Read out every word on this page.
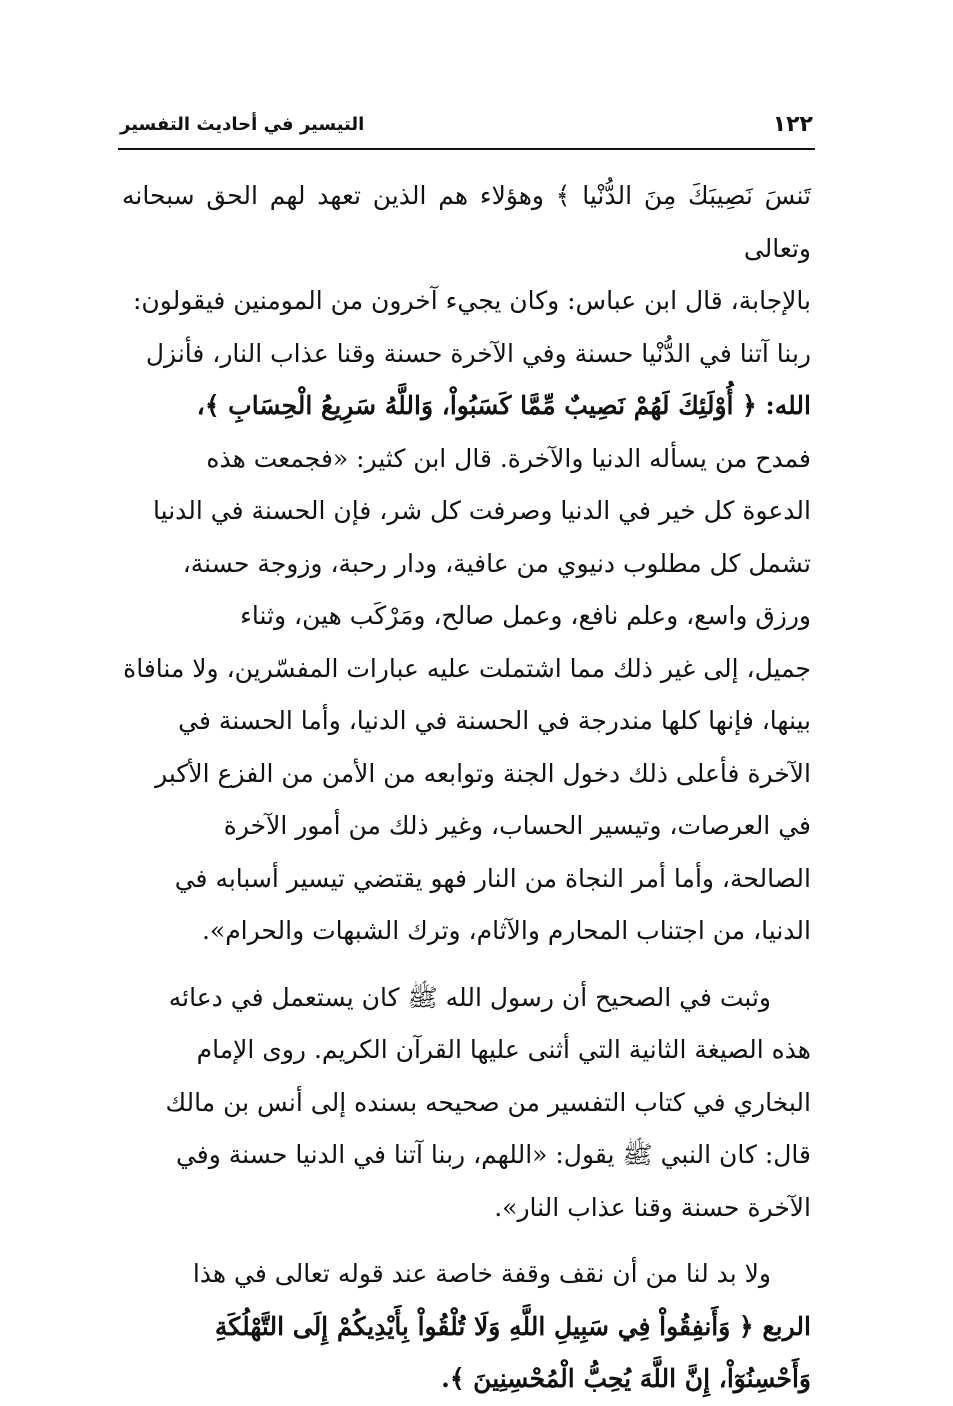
١٢٢
التيسير في أحاديث التفسير

تَنسَ نَصِيبَكَ مِنَ الدُّنْيا ﴾ وهؤلاء هم الذين تعهد لهم الحق سبحانه وتعالى

بالإجابة، قال ابن عباس: وكان يجيء آخرون من المومنين فيقولون:

ربنا آتنا في الدُّنْيا حسنة وفي الآخرة حسنة وقنا عذاب النار، فأنزل

الله: ﴿ أُوْلَئِكَ لَهُمْ نَصِيبٌ مِّمَّا كَسَبُواْ، وَاللَّهُ سَرِيعُ الْحِسَابِ ﴾،

فمدح من يسأله الدنيا والآخرة. قال ابن كثير: «فجمعت هذه

الدعوة كل خير في الدنيا وصرفت كل شر، فإن الحسنة في الدنيا

تشمل كل مطلوب دنيوي من عافية، ودار رحبة، وزوجة حسنة،

ورزق واسع، وعلم نافع، وعمل صالح، ومَرْكَب هين، وثناء

جميل، إلى غير ذلك مما اشتملت عليه عبارات المفسّرين، ولا منافاة

بينها، فإنها كلها مندرجة في الحسنة في الدنيا، وأما الحسنة في

الآخرة فأعلى ذلك دخول الجنة وتوابعه من الأمن من الفزع الأكبر

في العرصات، وتيسير الحساب، وغير ذلك من أمور الآخرة

الصالحة، وأما أمر النجاة من النار فهو يقتضي تيسير أسبابه في

الدنيا، من اجتناب المحارم والآثام، وترك الشبهات والحرام».

وثبت في الصحيح أن رسول الله ﷺ كان يستعمل في دعائه

هذه الصيغة الثانية التي أثنى عليها القرآن الكريم. روى الإمام

البخاري في كتاب التفسير من صحيحه بسنده إلى أنس بن مالك

قال: كان النبي ﷺ يقول: «اللهم، ربنا آتنا في الدنيا حسنة وفي

الآخرة حسنة وقنا عذاب النار».

ولا بد لنا من أن نقف وقفة خاصة عند قوله تعالى في هذا

الربع ﴿ وَأَنفِقُواْ فِي سَبِيلِ اللَّهِ وَلَا تُلْقُواْ بِأَيْدِيكُمْ إِلَى التَّهْلُكَةِ

وَأَحْسِنُوٓاْ، إِنَّ اللَّهَ يُحِبُّ الْمُحْسِنِينَ ﴾.
